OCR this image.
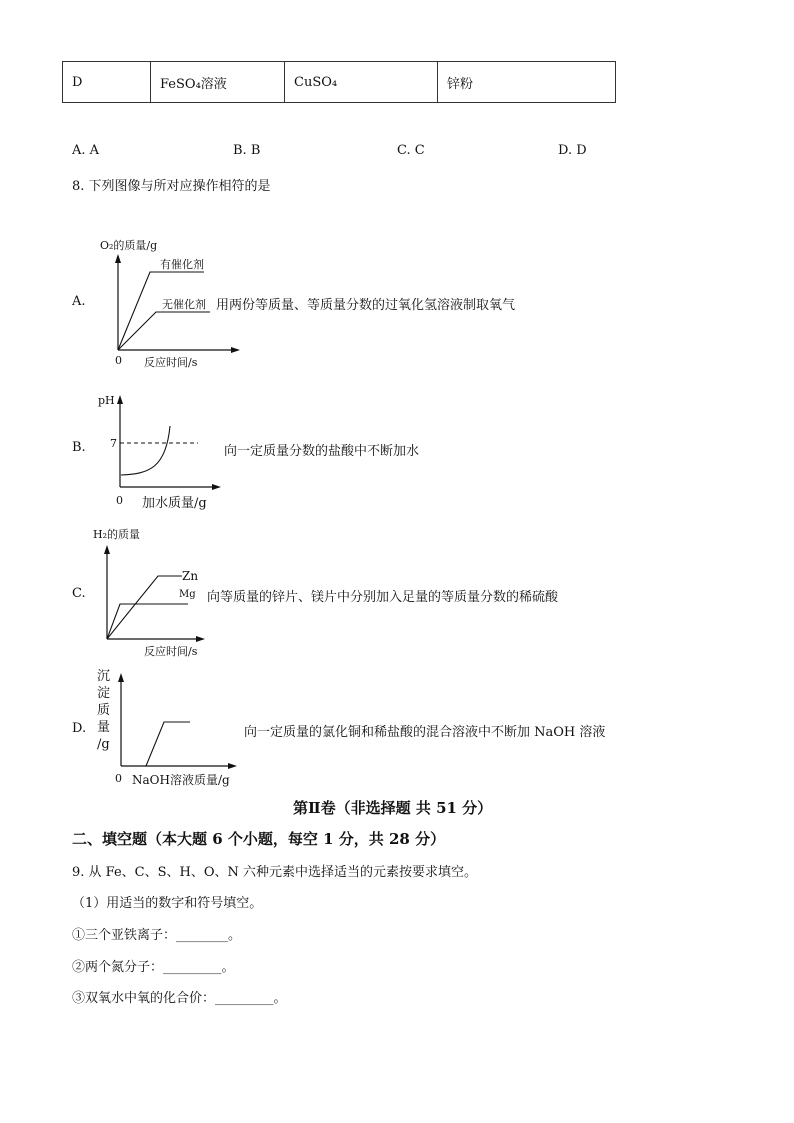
D	FeSO₄溶液	CuSO₄	锌粉
A. A	B. B	C. C	D. D
8. 下列图像与所对应操作相符的是
A.
O₂的质量/g
有催化剂
无催化剂
0 反应时间/s
用两份等质量、等质量分数的过氧化氢溶液制取氧气
B.
pH
7
0 加水质量/g
向一定质量分数的盐酸中不断加水
C.
H₂的质量
Zn
Mg
反应时间/s
向等质量的锌片、镁片中分别加入足量的等质量分数的稀硫酸
D.
沉
淀
质
量
/g
0 NaOH溶液质量/g
向一定质量的氯化铜和稀盐酸的混合溶液中不断加 NaOH 溶液
第Ⅱ卷（非选择题 共 51 分）
二、填空题（本大题 6 个小题，每空 1 分，共 28 分）
9. 从 Fe、C、S、H、O、N 六种元素中选择适当的元素按要求填空。
（1）用适当的数字和符号填空。
①三个亚铁离子：________。
②两个氮分子：_________。
③双氧水中氧的化合价：_________。
